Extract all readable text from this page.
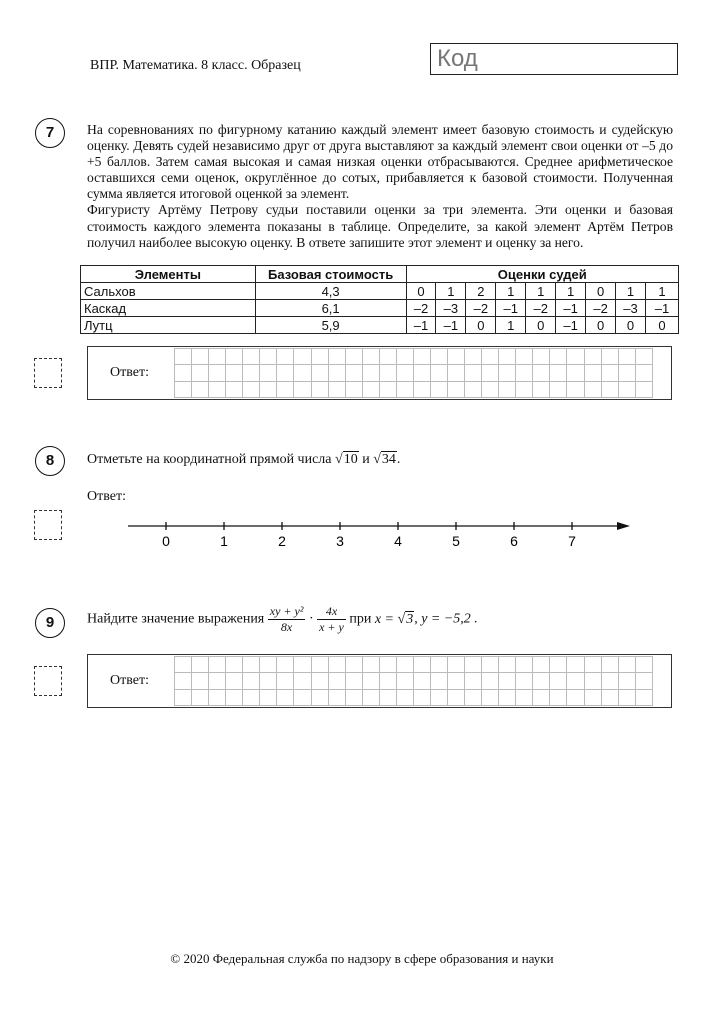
ВПР. Математика. 8 класс. Образец	Код
7	На соревнованиях по фигурному катанию каждый элемент имеет базовую стоимость и судейскую оценку. Девять судей независимо друг от друга выставляют за каждый элемент свои оценки от –5 до +5 баллов. Затем самая высокая и самая низкая оценки отбрасываются. Среднее арифметическое оставшихся семи оценок, округлённое до сотых, прибавляется к базовой стоимости. Полученная сумма является итоговой оценкой за элемент.

Фигуристу Артёму Петрову судьи поставили оценки за три элемента. Эти оценки и базовая стоимость каждого элемента показаны в таблице. Определите, за какой элемент Артём Петров получил наиболее высокую оценку. В ответе запишите этот элемент и оценку за него.

Элементы	Базовая стоимость	Оценки судей								
Сальхов	4,3	0	1	2	1	1	1	0	1	1
Каскад	6,1	–2	–3	–2	–1	–2	–1	–2	–3	–1
Лутц	5,9	–1	–1	0	1	0	–1	0	0	0
Ответ:
8	Отметьте на координатной прямой числа √10 и √34.
Ответ:
0	1	2	3	4	5	6	7
9	Найдите значение выражения $\frac{\text{xy + y²}}{8x} \cdot \frac{4x}{x + y}$ при x = √3, y = −5,2 .
Ответ:
© 2020 Федеральная служба по надзору в сфере образования и науки
